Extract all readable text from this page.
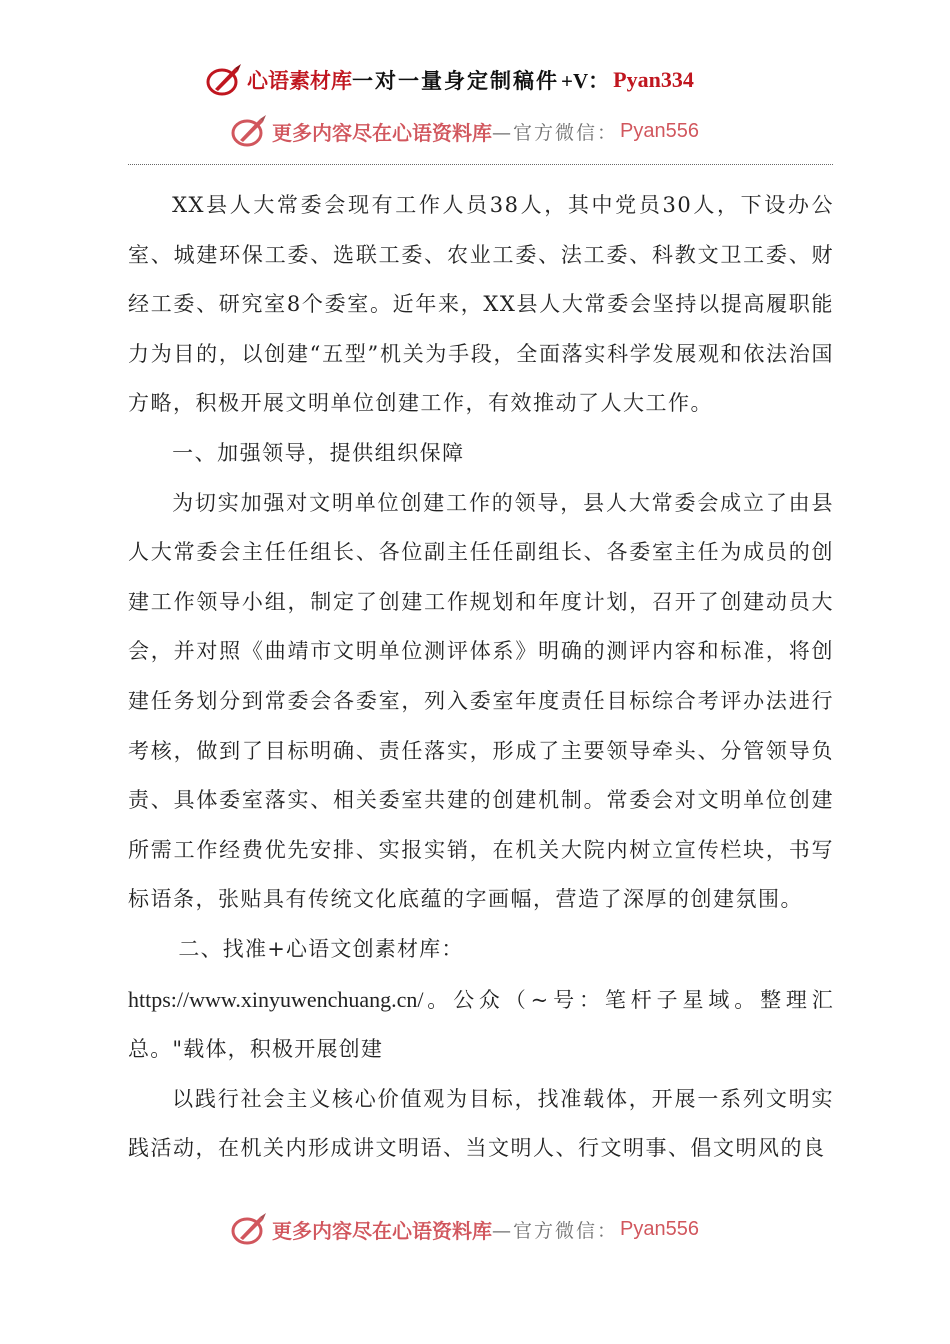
心语素材库 一对一量身定制稿件 +V： Pyan334
更多内容尽在心语资料库 —官方微信： Pyan556

XX县人大常委会现有工作人员38人，其中党员30人，下设办公室、城建环保工委、选联工委、农业工委、法工委、科教文卫工委、财经工委、研究室8个委室。近年来，XX县人大常委会坚持以提高履职能力为目的，以创建“五型”机关为手段，全面落实科学发展观和依法治国方略，积极开展文明单位创建工作，有效推动了人大工作。

一、加强领导，提供组织保障

为切实加强对文明单位创建工作的领导，县人大常委会成立了由县人大常委会主任任组长、各位副主任任副组长、各委室主任为成员的创建工作领导小组，制定了创建工作规划和年度计划，召开了创建动员大会，并对照《曲靖市文明单位测评体系》明确的测评内容和标准，将创建任务划分到常委会各委室，列入委室年度责任目标综合考评办法进行考核，做到了目标明确、责任落实，形成了主要领导牵头、分管领导负责、具体委室落实、相关委室共建的创建机制。常委会对文明单位创建所需工作经费优先安排、实报实销，在机关大院内树立宣传栏块，书写标语条，张贴具有传统文化底蕴的字画幅，营造了深厚的创建氛围。

二、找准+心语文创素材库：

https://www.xinyuwenchuang.cn/。公众（~号：笔杆子星域。整理汇总。"载体，积极开展创建

以践行社会主义核心价值观为目标，找准载体，开展一系列文明实践活动，在机关内形成讲文明语、当文明人、行文明事、倡文明风的良

更多内容尽在心语资料库 —官方微信： Pyan556
